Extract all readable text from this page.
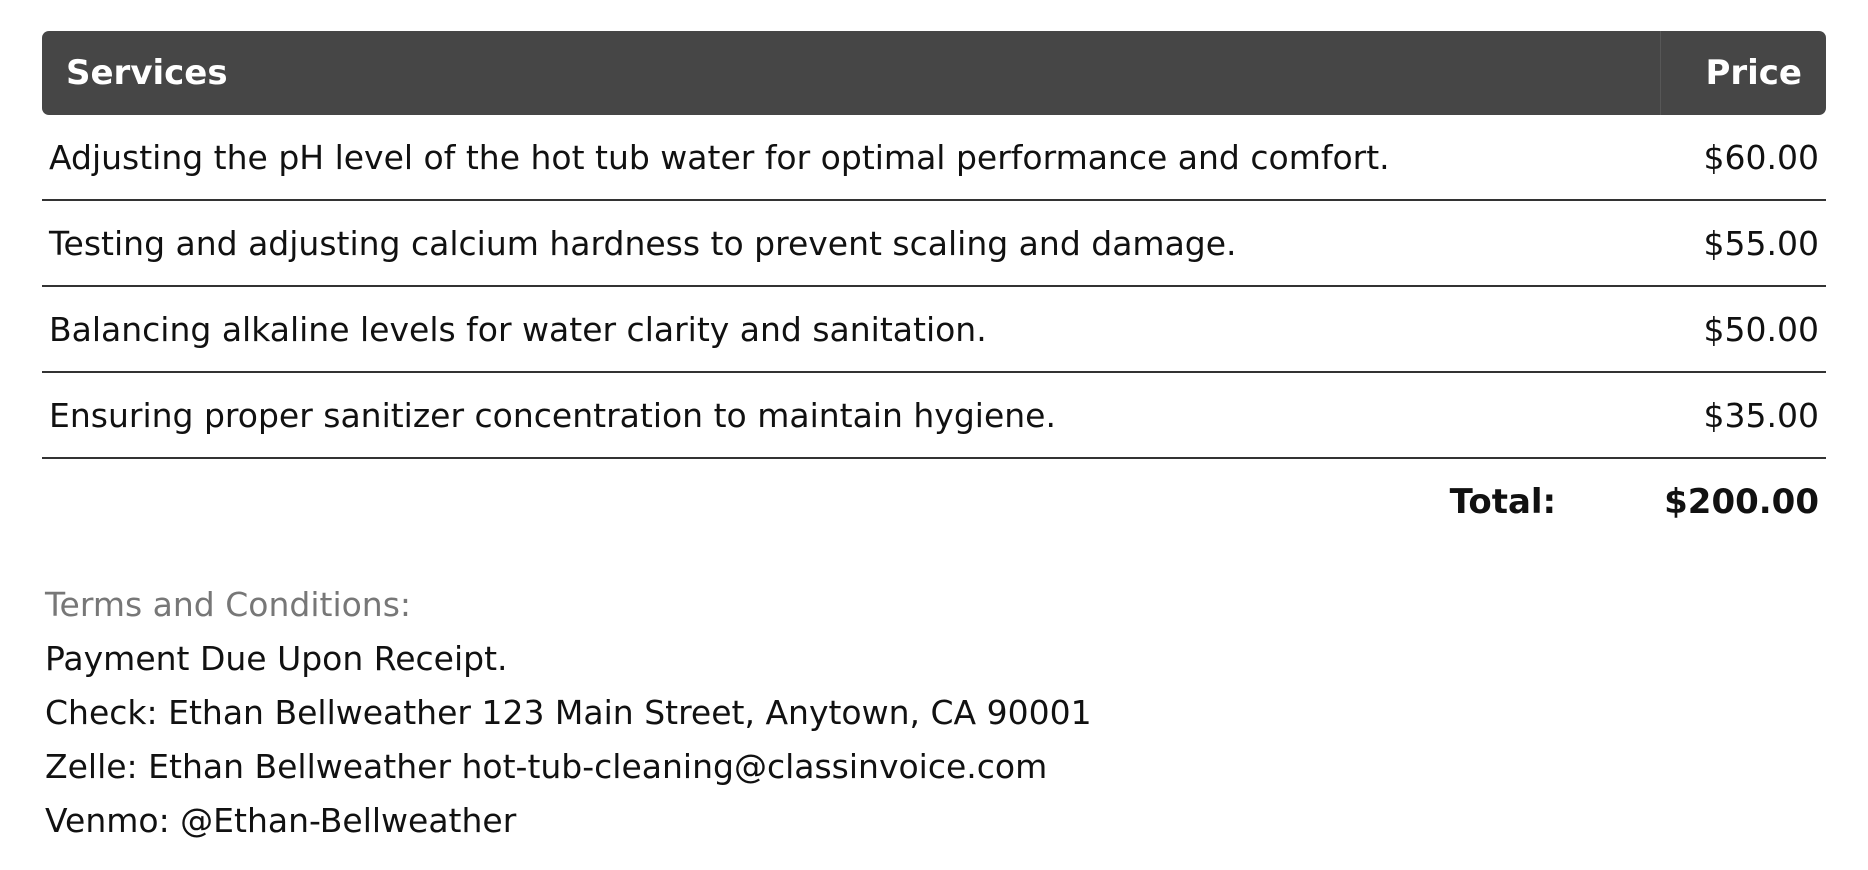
Services	Price
Adjusting the pH level of the hot tub water for optimal performance and comfort.	$60.00
Testing and adjusting calcium hardness to prevent scaling and damage.	$55.00
Balancing alkaline levels for water clarity and sanitation.	$50.00
Ensuring proper sanitizer concentration to maintain hygiene.	$35.00
Total:	$200.00
Terms and Conditions:
Payment Due Upon Receipt.
Check: Ethan Bellweather 123 Main Street, Anytown, CA 90001
Zelle: Ethan Bellweather hot-tub-cleaning@classinvoice.com
Venmo: @Ethan-Bellweather
